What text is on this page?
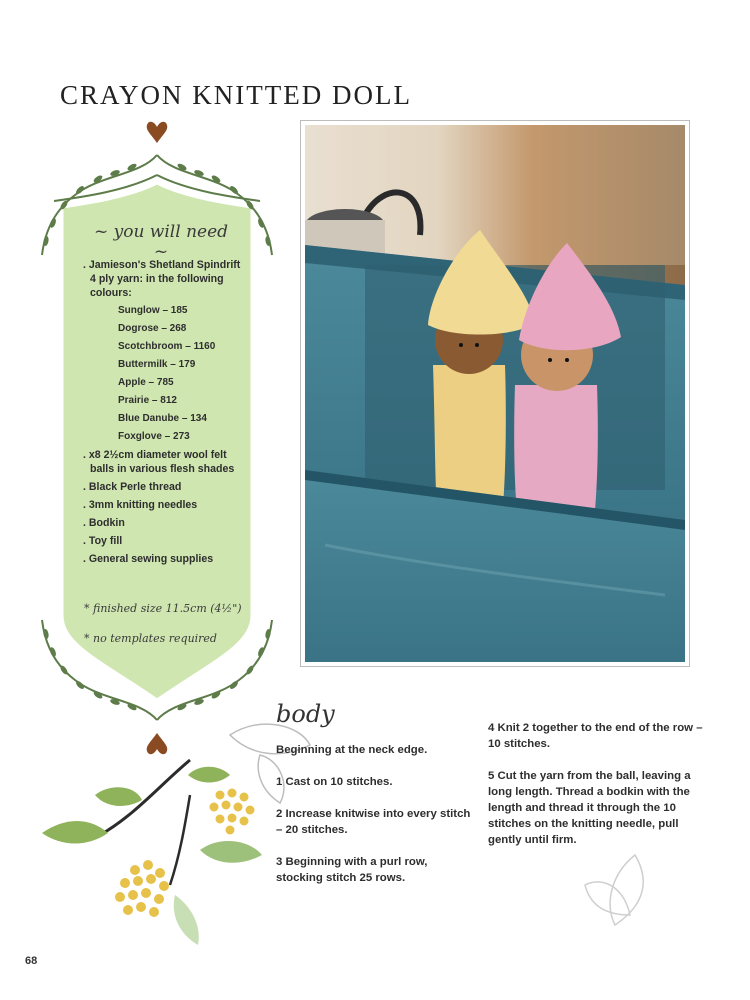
CRAYON KNITTED DOLL
~ you will need ~
. Jamieson's Shetland Spindrift 4 ply yarn: in the following colours:
Sunglow – 185
Dogrose – 268
Scotchbroom – 1160
Buttermilk – 179
Apple – 785
Prairie – 812
Blue Danube – 134
Foxglove – 273
. x8 2½cm diameter wool felt balls in various flesh shades
. Black Perle thread
. 3mm knitting needles
. Bodkin
. Toy fill
. General sewing supplies
* finished size 11.5cm (4½")
* no templates required
body

Beginning at the neck edge.

1 Cast on 10 stitches.

2 Increase knitwise into every stitch – 20 stitches.

3 Beginning with a purl row, stocking stitch 25 rows.

4 Knit 2 together to the end of the row – 10 stitches.

5 Cut the yarn from the ball, leaving a long length. Thread a bodkin with the length and thread it through the 10 stitches on the knitting needle, pull gently until firm.

68
